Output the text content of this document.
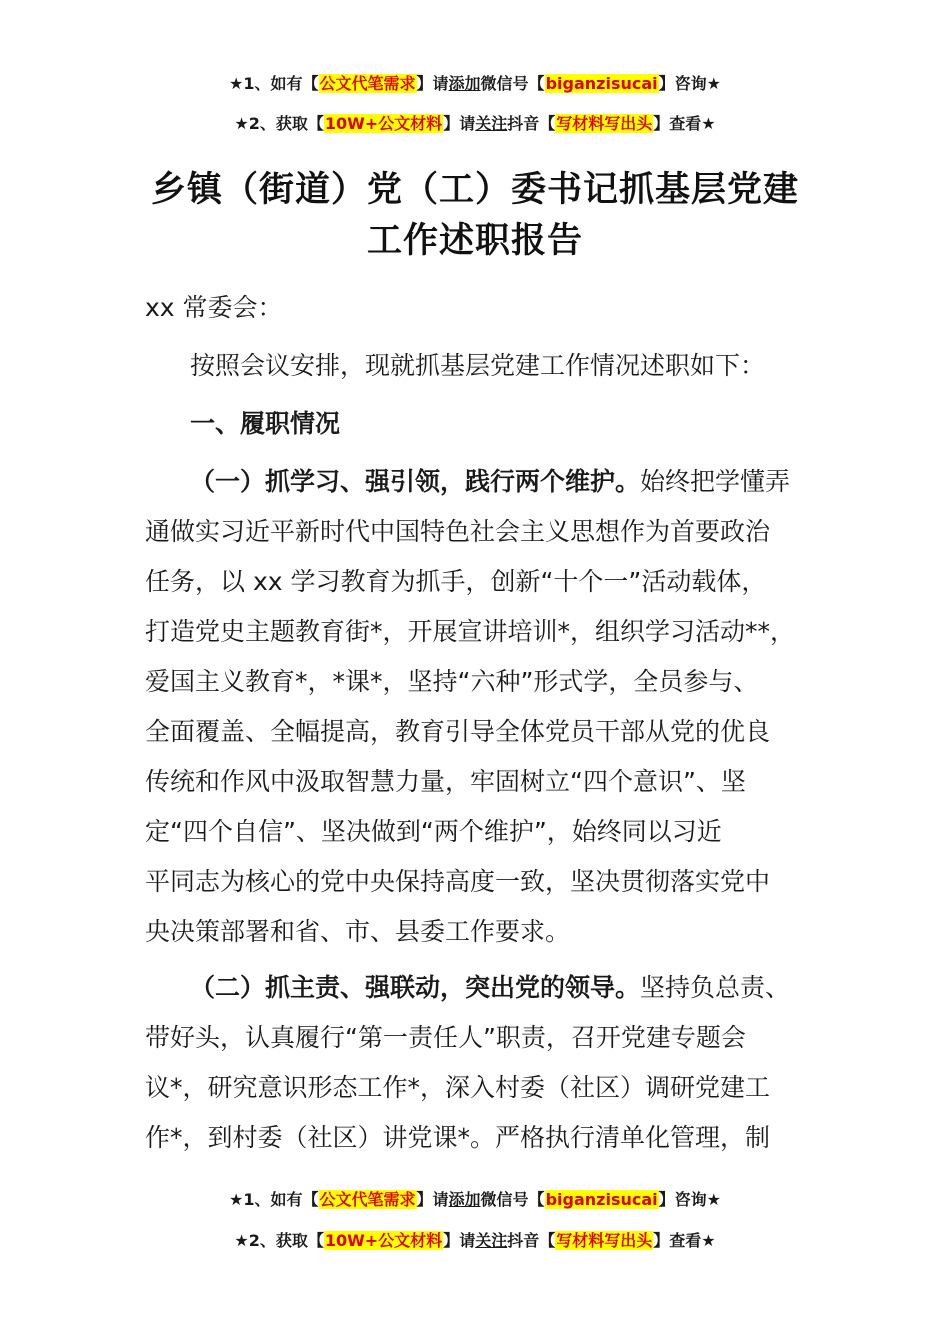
★1、如有【公文代笔需求】请添加微信号【biganzisucai】咨询★
★2、获取【10W+公文材料】请关注抖音【写材料写出头】查看★
乡镇（街道）党（工）委书记抓基层党建
工作述职报告
xx 常委会：
按照会议安排，现就抓基层党建工作情况述职如下：
一、履职情况
（一）抓学习、强引领，践行两个维护。始终把学懂弄
通做实习近平新时代中国特色社会主义思想作为首要政治
任务，以 xx 学习教育为抓手，创新“十个一”活动载体，
打造党史主题教育街*，开展宣讲培训*，组织学习活动**，
爱国主义教育*，*课*，坚持“六种”形式学，全员参与、
全面覆盖、全幅提高，教育引导全体党员干部从党的优良
传统和作风中汲取智慧力量，牢固树立“四个意识”、坚
定“四个自信”、坚决做到“两个维护”，始终同以习近
平同志为核心的党中央保持高度一致，坚决贯彻落实党中
央决策部署和省、市、县委工作要求。
（二）抓主责、强联动，突出党的领导。坚持负总责、
带好头，认真履行“第一责任人”职责，召开党建专题会
议*，研究意识形态工作*，深入村委（社区）调研党建工
作*，到村委（社区）讲党课*。严格执行清单化管理，制
★1、如有【公文代笔需求】请添加微信号【biganzisucai】咨询★
★2、获取【10W+公文材料】请关注抖音【写材料写出头】查看★
